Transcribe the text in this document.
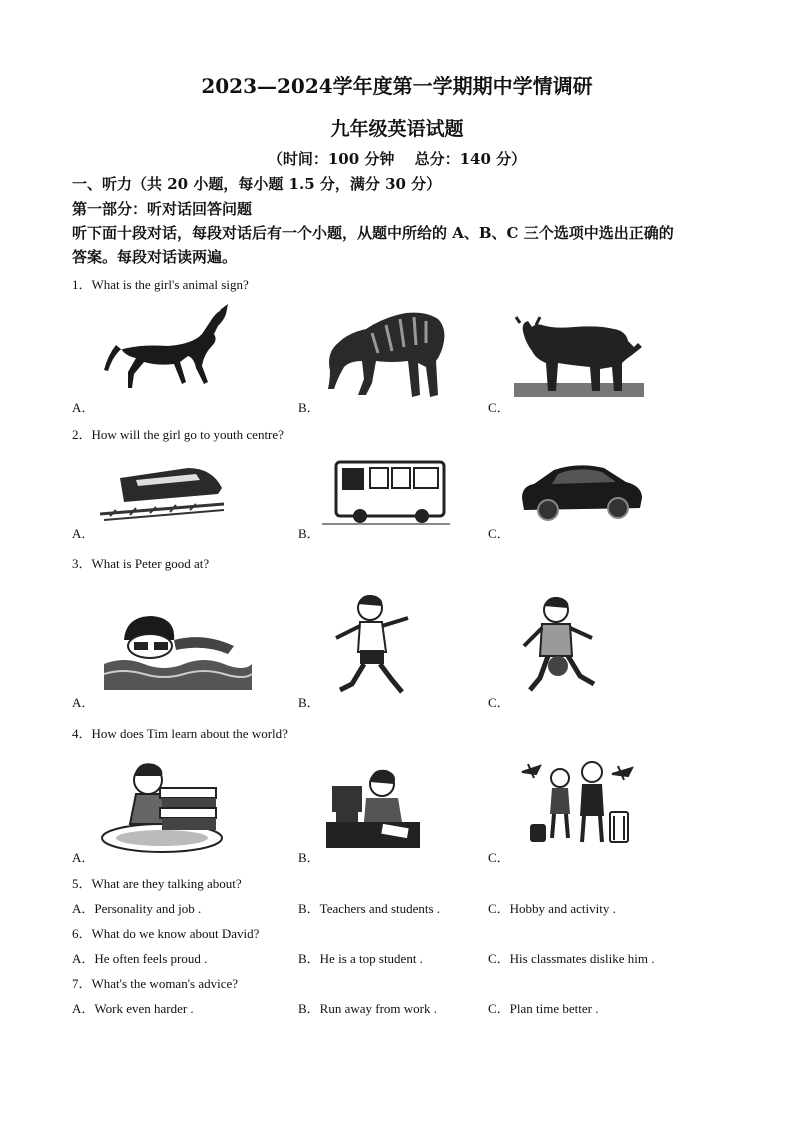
2023—2024学年度第一学期期中学情调研
九年级英语试题
（时间：100 分钟　 总分：140 分）
一、听力（共 20 小题，每小题 1.5 分，满分 30 分）
第一部分：听对话回答问题
听下面十段对话，每段对话后有一个小题，从题中所给的 A、B、C 三个选项中选出正确的
答案。每段对话读两遍。
1．What is the girl's animal sign?
A．	B．	C．
2．How will the girl go to youth centre?
A．	B．	C．
3．What is Peter good at?
A．	B．	C．
4．How does Tim learn about the world?
A．	B．	C．
5．What are they talking about?
A．Personality and job .	B．Teachers and students .	C．Hobby and activity .
6．What do we know about David?
A．He often feels proud .	B．He is a top student .	C．His classmates dislike him .
7．What's the woman's advice?
A．Work even harder .	B．Run away from work .	C．Plan time better .
